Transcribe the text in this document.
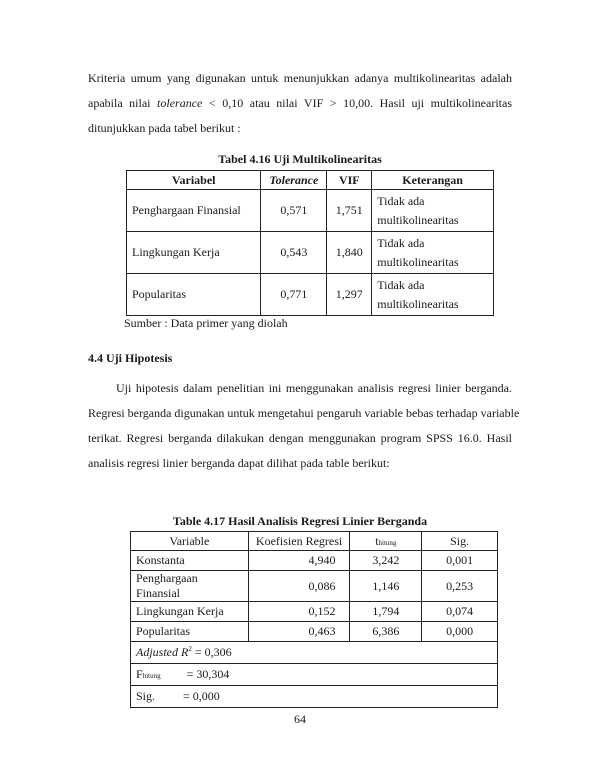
Kriteria umum yang digunakan untuk menunjukkan adanya multikolinearitas adalah
apabila nilai tolerance < 0,10 atau nilai VIF > 10,00. Hasil uji multikolinearitas
ditunjukkan pada tabel berikut :
Tabel 4.16 Uji Multikolinearitas
Variabel	Tolerance	VIF	Keterangan
Penghargaan Finansial	0,571	1,751	Tidak ada
multikolinearitas
Lingkungan Kerja	0,543	1,840	Tidak ada
multikolinearitas
Popularitas	0,771	1,297	Tidak ada
multikolinearitas
Sumber : Data primer yang diolah
4.4 Uji Hipotesis
Uji hipotesis dalam penelitian ini menggunakan analisis regresi linier berganda.
Regresi berganda digunakan untuk mengetahui pengaruh variable bebas terhadap variable
terikat. Regresi berganda dilakukan dengan menggunakan program SPSS 16.0. Hasil
analisis regresi linier berganda dapat dilihat pada table berikut:
Table 4.17 Hasil Analisis Regresi Linier Berganda
Variable	Koefisien Regresi	thitung	Sig.
Konstanta	4,940	3,242	0,001
Penghargaan Finansial	0,086	1,146	0,253
Lingkungan Kerja	0,152	1,794	0,074
Popularitas	0,463	6,386	0,000
Adjusted $R^2 = 0,306$			
Fhitung = 30,304			
Sig. = 0,000			
64
